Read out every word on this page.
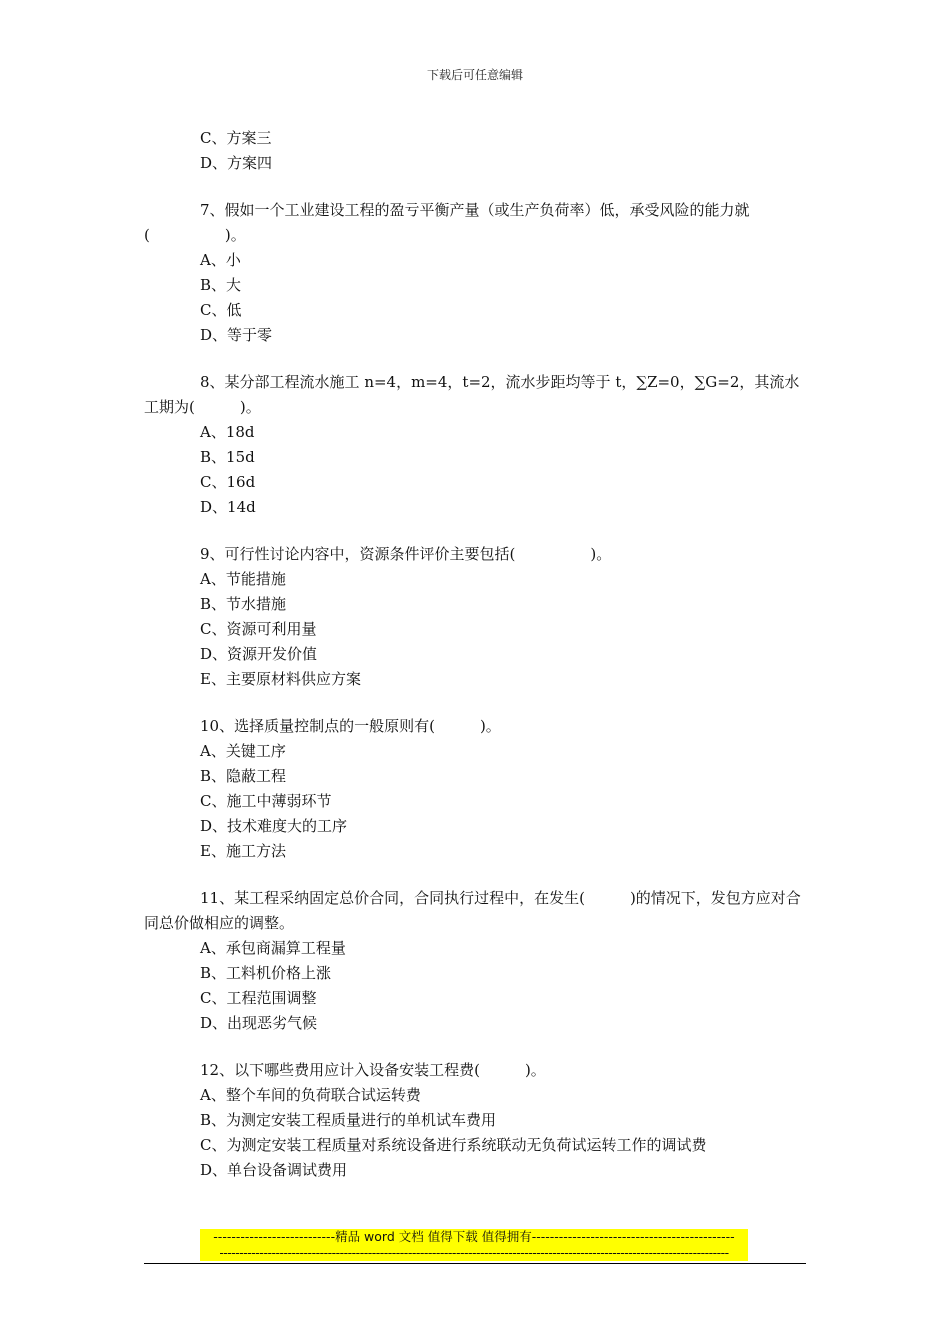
下载后可任意编辑

C、方案三

D、方案四

7、假如一个工业建设工程的盈亏平衡产量（或生产负荷率）低，承受风险的能力就(　　　　　)。

A、小

B、大

C、低

D、等于零

8、某分部工程流水施工 n=4，m=4，t=2，流水步距均等于 t，∑Z=0，∑G=2，其流水工期为(　　　)。

A、18d

B、15d

C、16d

D、14d

9、可行性讨论内容中，资源条件评价主要包括(　　　　　)。

A、节能措施

B、节水措施

C、资源可利用量

D、资源开发价值

E、主要原材料供应方案

10、选择质量控制点的一般原则有(　　　)。

A、关键工序

B、隐蔽工程

C、施工中薄弱环节

D、技术难度大的工序

E、施工方法

11、某工程采纳固定总价合同，合同执行过程中，在发生(　　　)的情况下，发包方应对合同总价做相应的调整。

A、承包商漏算工程量

B、工料机价格上涨

C、工程范围调整

D、出现恶劣气候

12、以下哪些费用应计入设备安装工程费(　　　)。

A、整个车间的负荷联合试运转费

B、为测定安装工程质量进行的单机试车费用

C、为测定安装工程质量对系统设备进行系统联动无负荷试运转工作的调试费

D、单台设备调试费用

---------------------------精品 word 文档 值得下载 值得拥有---------------------------------------------
-------------------------------------------------------------------------------------------------------------------------------
